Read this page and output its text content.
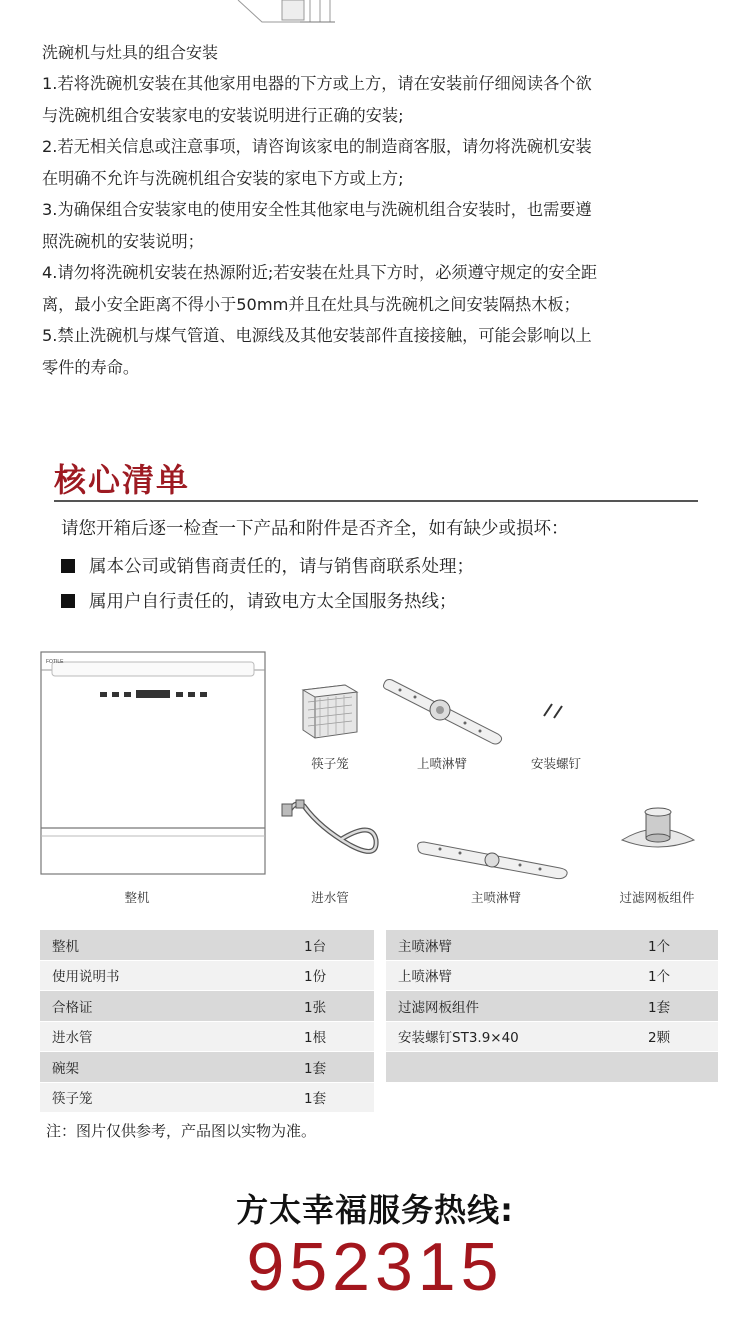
洗碗机与灶具的组合安装

1.若将洗碗机安装在其他家用电器的下方或上方，请在安装前仔细阅读各个欲

与洗碗机组合安装家电的安装说明进行正确的安装;

2.若无相关信息或注意事项，请咨询该家电的制造商客服，请勿将洗碗机安装

在明确不允许与洗碗机组合安装的家电下方或上方;

3.为确保组合安装家电的使用安全性其他家电与洗碗机组合安装时，也需要遵

照洗碗机的安装说明；

4.请勿将洗碗机安装在热源附近;若安装在灶具下方时，必须遵守规定的安全距

离，最小安全距离不得小于50mm并且在灶具与洗碗机之间安装隔热木板；

5.禁止洗碗机与煤气管道、电源线及其他安装部件直接接触，可能会影响以上

零件的寿命。

核心清单

请您开箱后逐一检查一下产品和附件是否齐全，如有缺少或损坏：

属本公司或销售商责任的，请与销售商联系处理；
属用户自行责任的，请致电方太全国服务热线；
FOTILE
筷子笼	上喷淋臂	安装螺钉
整机	进水管	主喷淋臂	过滤网板组件
整机	1台
使用说明书	1份
合格证	1张
进水管	1根
碗架	1套
筷子笼	1套
主喷淋臂	1个
上喷淋臂	1个
过滤网板组件	1套
安装螺钉ST3.9×40	2颗

注：图片仅供参考，产品图以实物为准。

方太幸福服务热线:

952315
